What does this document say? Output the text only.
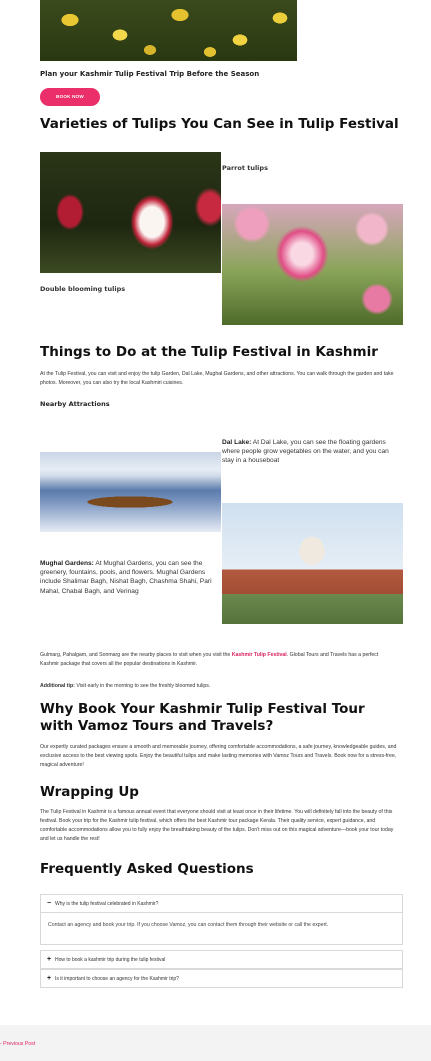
Plan your Kashmir Tulip Festival Trip Before the Season
BOOK NOW
Varieties of Tulips You Can See in Tulip Festival
Parrot tulips
Double blooming tulips
Things to Do at the Tulip Festival in Kashmir
At the Tulip Festival, you can visit and enjoy the tulip Garden, Dal Lake, Mughal Gardens, and other attractions. You can walk through the garden and take photos. Moreover, you can also try the local Kashmiri cuisines.
Nearby Attractions
Dal Lake: At Dal Lake, you can see the floating gardens where people grow vegetables on the water, and you can stay in a houseboat
Mughal Gardens: At Mughal Gardens, you can see the greenery, fountains, pools, and flowers. Mughal Gardens include Shalimar Bagh, Nishat Bagh, Chashma Shahi, Pari Mahal, Chabal Bagh, and Verinag
Gulmarg, Pahalgam, and Sonmarg are the nearby places to visit when you visit the Kashmir Tulip Festival. Global Tours and Travels has a perfect Kashmir package that covers all the popular destinations in Kashmir.
Additional tip: Visit early in the morning to see the freshly bloomed tulips.
Why Book Your Kashmir Tulip Festival Tour with Vamoz Tours and Travels?
Our expertly curated packages ensure a smooth and memorable journey, offering comfortable accommodations, a safe journey, knowledgeable guides, and exclusive access to the best viewing spots. Enjoy the beautiful tulips and make lasting memories with Vamoz Tours and Travels. Book now for a stress-free, magical adventure!
Wrapping Up
The Tulip Festival in Kashmir is a famous annual event that everyone should visit at least once in their lifetime. You will definitely fall into the beauty of this festival. Book your trip for the Kashmir tulip festival, which offers the best Kashmir tour package Kerala. Their quality service, expert guidance, and comfortable accommodations allow you to fully enjoy the breathtaking beauty of the tulips. Don't miss out on this magical adventure—book your tour today and let us handle the rest!
Frequently Asked Questions
− Why is the tulip festival celebrated in Kashmir?
Contact an agency and book your trip. If you choose Vamoz, you can contact them through their website or call the expert.
+ How to book a kashmir trip during the tulip festival
+ Is it important to choose an agency for the Kashmir trip?
- Previous Post
